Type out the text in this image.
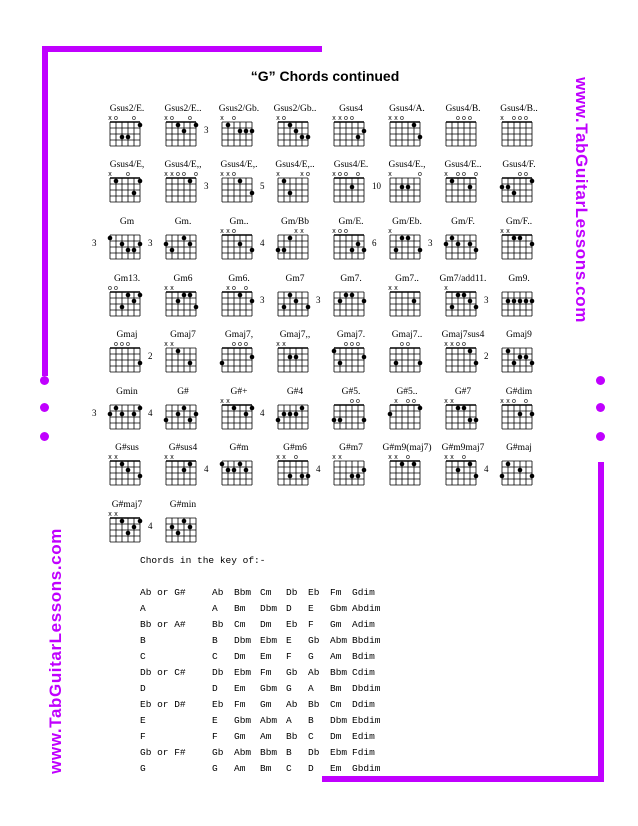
www.TabGuitarLessons.com
www.TabGuitarLessons.com
“G” Chords continued
Gsus2/E.
x o o
Gsus2/E..
x o o
Gsus2/Gb.
3
x o
Gsus2/Gb..
x o
Gsus4
x x o o
Gsus4/A.
x x o
Gsus4/B.
o o o
Gsus4/B..
x o o o
Gsus4/E,
x o
Gsus4/E,,
x x o o o
Gsus4/E,.
3
x x o
Gsus4/E,..
5
x	x o
Gsus4/E.
x o o o
Gsus4/E.,
10
x	o
Gsus4/E..
x o o o
Gsus4/F.
o o
Gm
3
Gm.
3
Gm..
x x o
Gm/Bb
4
x x
Gm/E.
x o o
Gm/Eb.
6
x
Gm/F.
3
Gm/F..
x x
Gm13.
o o
Gm6
x x
Gm6.
x o o
Gm7
3
Gm7.
3
Gm7..
x x
Gm7/add11.
x
Gm9.
3
Gmaj
o o o
Gmaj7
2
x x
Gmaj7,
o o o
Gmaj7,,
x x
Gmaj7.
o o o
Gmaj7..
o o
Gmaj7sus4
x x o o
Gmaj9
2
Gmin
3
G#
4
G#+
x x
G#4
4
G#5.
o o
G#5..
x o o
G#7
x x
G#dim
x x o o
G#sus
x x
G#sus4
x x
G#m
4
G#m6
x x o
G#m7
4
x x
G#m9(maj7)
x x o
G#m9maj7
x x o
G#maj
4
G#maj7
x x
G#min
4
Chords in the key of:-
Ab or G#	Ab Bbm Cm Db Eb Fm Gdim
A	A Bm Dbm D E Gbm Abdim
Bb or A#	Bb Cm Dm Eb F Gm Adim
B	B Dbm Ebm E Gb Abm Bbdim
C	C Dm Em F G Am Bdim
Db or C#	Db Ebm Fm Gb Ab Bbm Cdim
D	D Em Gbm G A Bm Dbdim
Eb or D#	Eb Fm Gm Ab Bb Cm Ddim
E	E Gbm Abm A B Dbm Ebdim
F	F Gm Am Bb C Dm Edim
Gb or F#	Gb Abm Bbm B Db Ebm Fdim
G	G Am Bm C D Em Gbdim
